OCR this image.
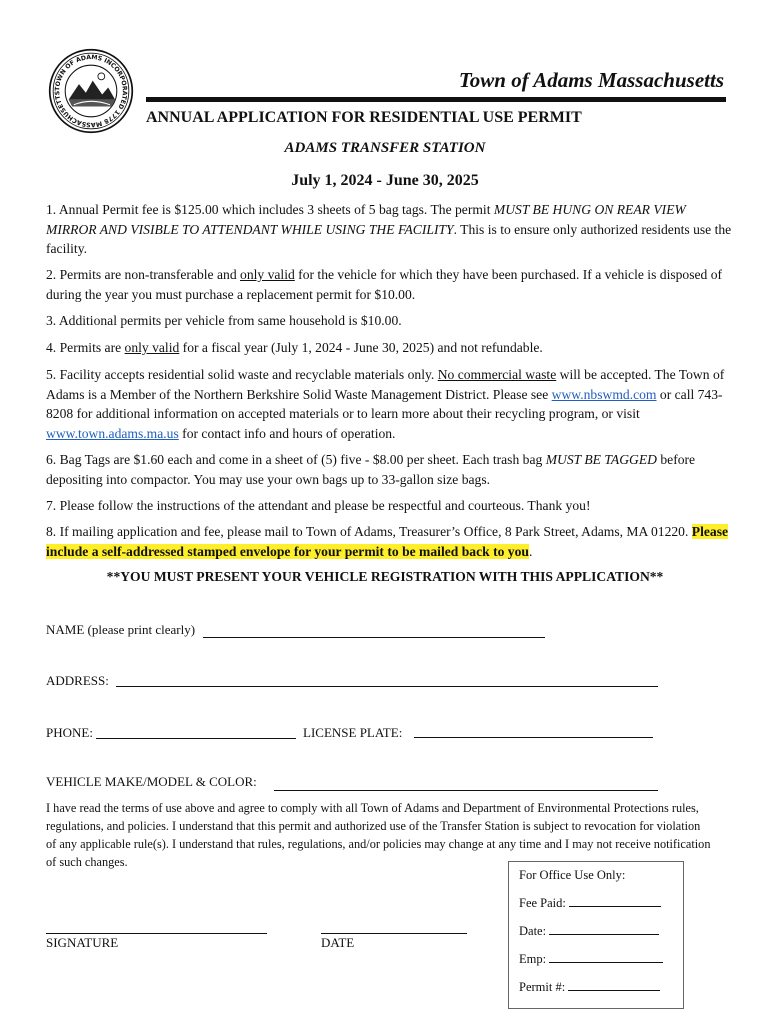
TOWN OF ADAMS INCORPORATED 1778 MASSACHUSETTS
Town of Adams Massachusetts
ANNUAL APPLICATION FOR RESIDENTIAL USE PERMIT
ADAMS TRANSFER STATION
July 1, 2024 - June 30, 2025

1. Annual Permit fee is $125.00 which includes 3 sheets of 5 bag tags. The permit MUST BE HUNG ON REAR VIEW MIRROR AND VISIBLE TO ATTENDANT WHILE USING THE FACILITY. This is to ensure only authorized residents use the facility.

2. Permits are non-transferable and only valid for the vehicle for which they have been purchased. If a vehicle is disposed of during the year you must purchase a replacement permit for $10.00.

3. Additional permits per vehicle from same household is $10.00.

4. Permits are only valid for a fiscal year (July 1, 2024 - June 30, 2025) and not refundable.

5. Facility accepts residential solid waste and recyclable materials only. No commercial waste will be accepted. The Town of Adams is a Member of the Northern Berkshire Solid Waste Management District. Please see www.nbswmd.com or call 743-8208 for additional information on accepted materials or to learn more about their recycling program, or visit www.town.adams.ma.us for contact info and hours of operation.

6. Bag Tags are $1.60 each and come in a sheet of (5) five - $8.00 per sheet. Each trash bag MUST BE TAGGED before depositing into compactor. You may use your own bags up to 33-gallon size bags.

7. Please follow the instructions of the attendant and please be respectful and courteous. Thank you!

8. If mailing application and fee, please mail to Town of Adams, Treasurer’s Office, 8 Park Street, Adams, MA 01220. Please include a self-addressed stamped envelope for your permit to be mailed back to you.

**YOU MUST PRESENT YOUR VEHICLE REGISTRATION WITH THIS APPLICATION**
NAME (please print clearly)
ADDRESS:
PHONE:	LICENSE PLATE:
VEHICLE MAKE/MODEL & COLOR:

I have read the terms of use above and agree to comply with all Town of Adams and Department of Environmental Protections rules, regulations, and policies. I understand that this permit and authorized use of the Transfer Station is subject to revocation for violation of any applicable rule(s). I understand that rules, regulations, and/or policies may change at any time and I may not receive notification of such changes.

SIGNATURE	DATE
For Office Use Only:
Fee Paid:
Date:
Emp:
Permit #:
